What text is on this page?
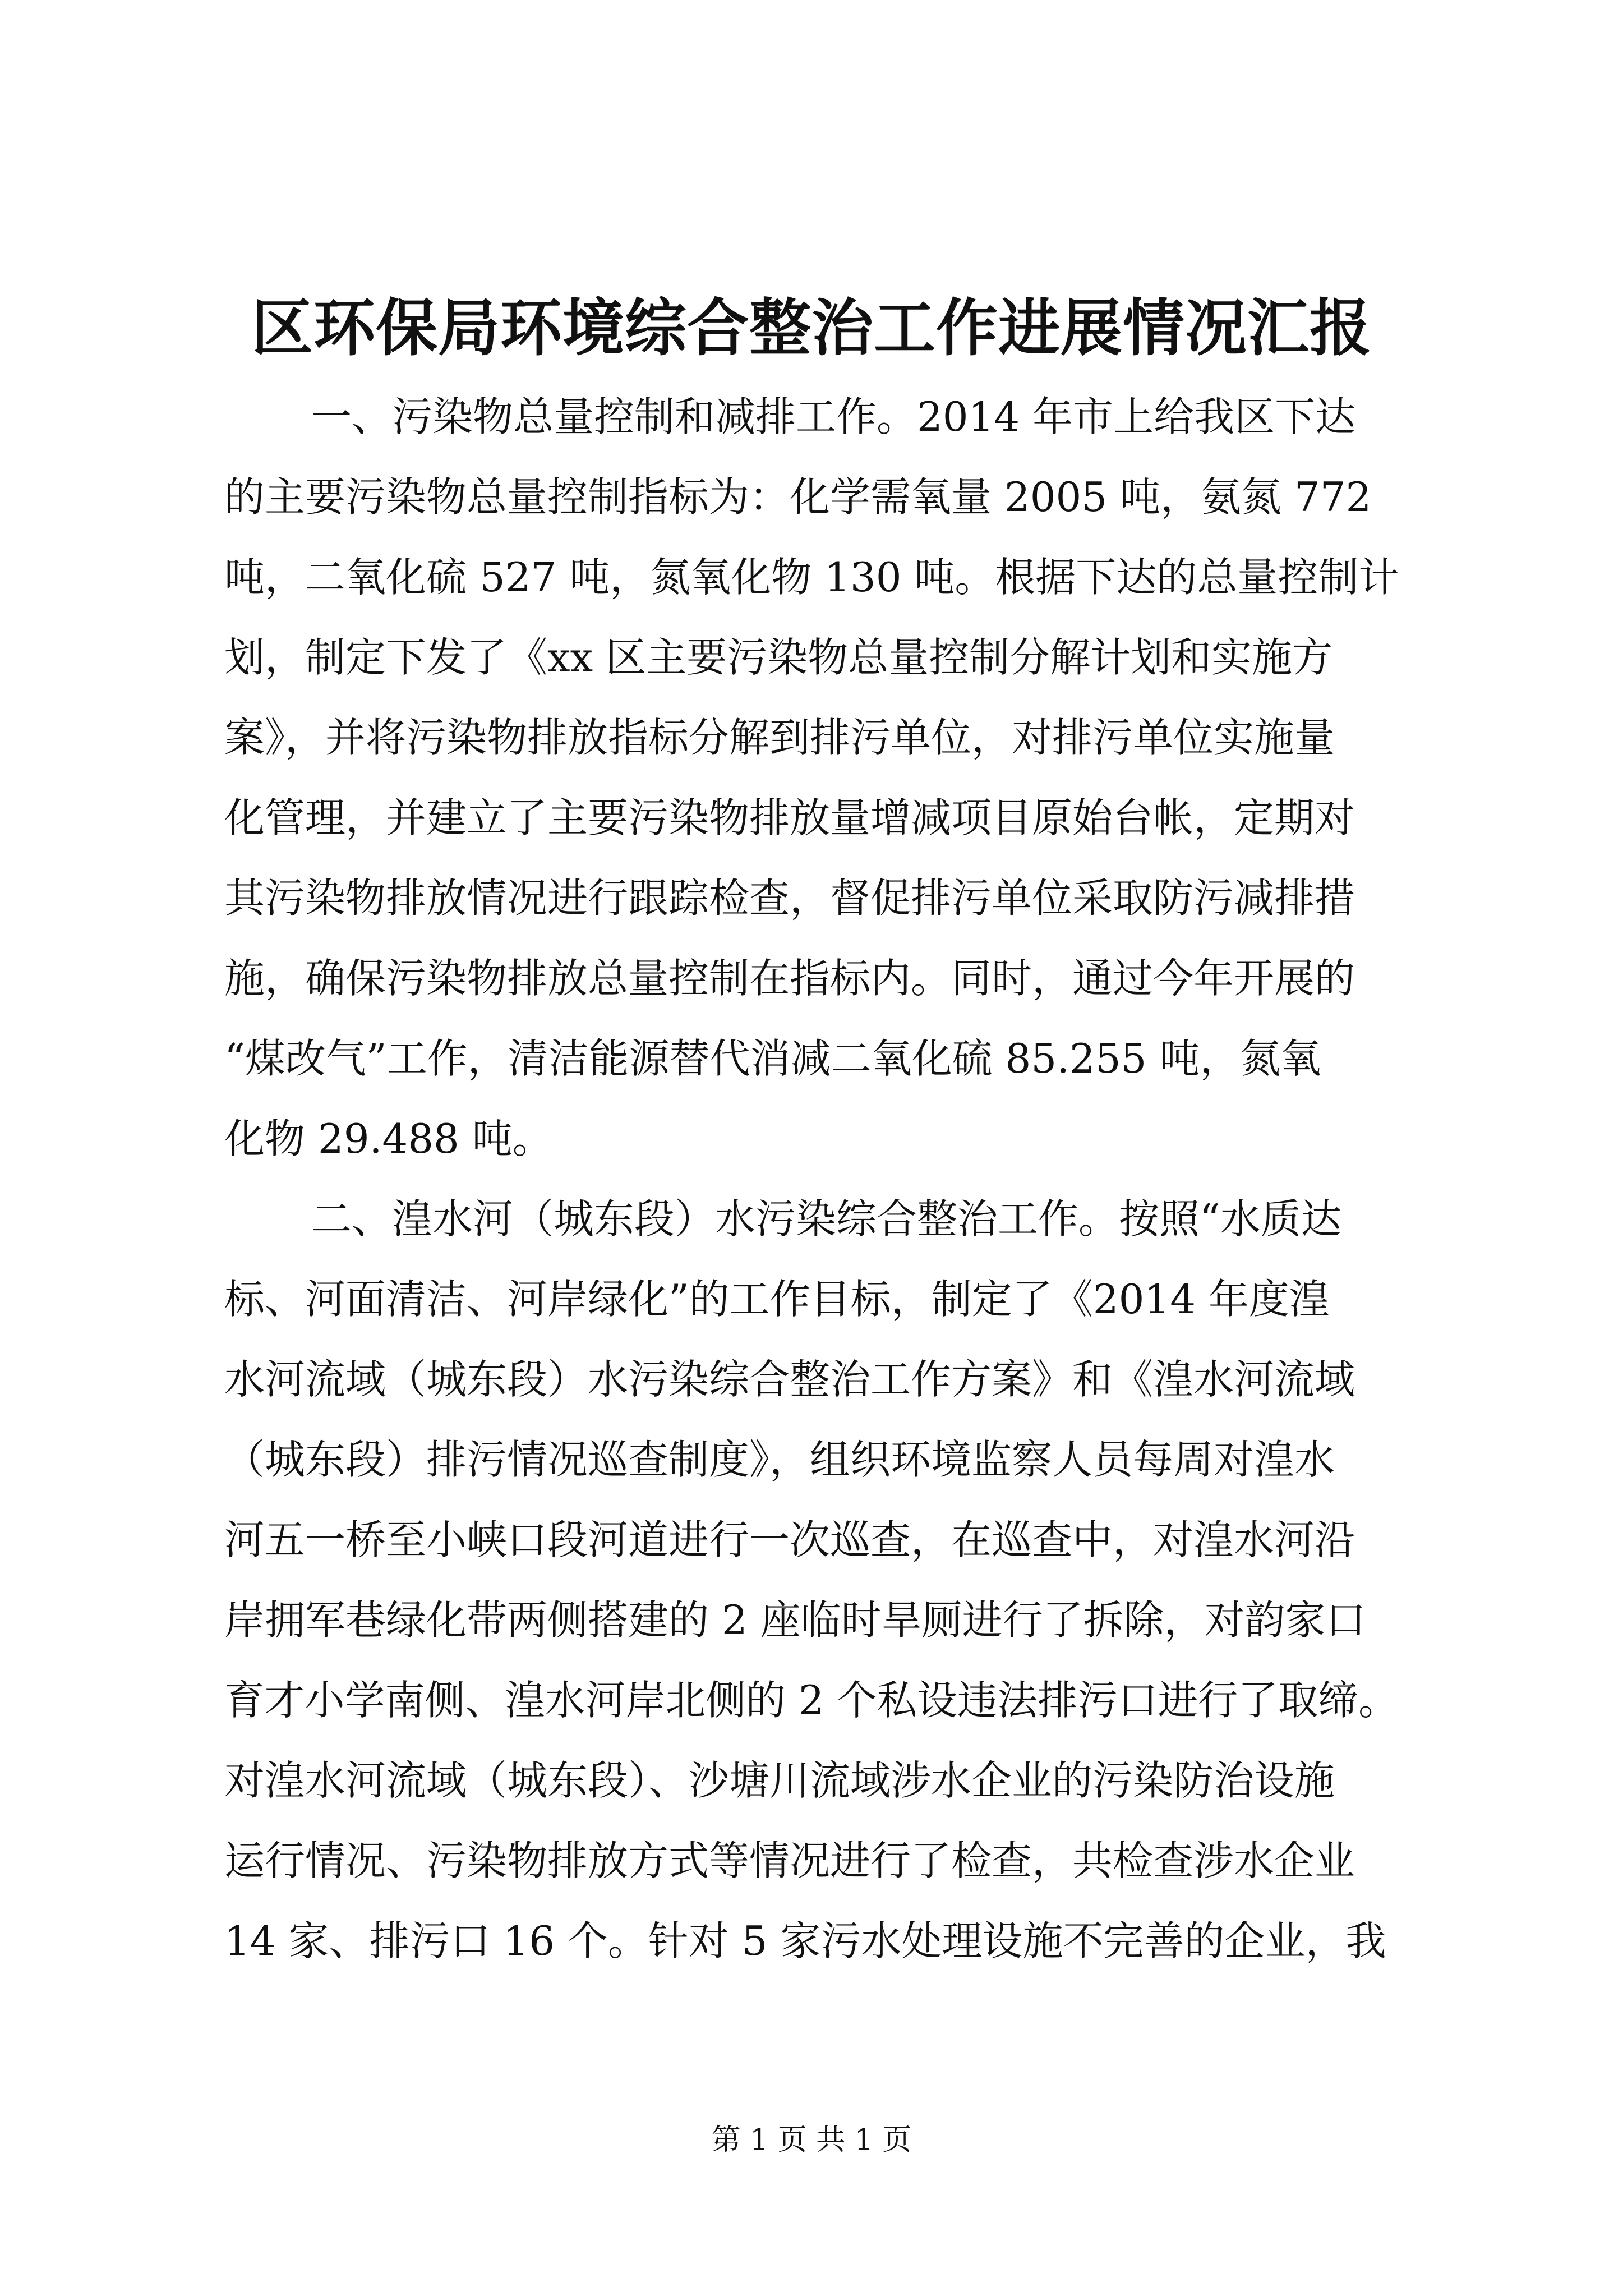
区环保局环境综合整治工作进展情况汇报
一、污染物总量控制和减排工作。2014 年市上给我区下达
的主要污染物总量控制指标为：化学需氧量 2005 吨，氨氮 772
吨，二氧化硫 527 吨，氮氧化物 130 吨。根据下达的总量控制计
划，制定下发了《xx 区主要污染物总量控制分解计划和实施方
案》，并将污染物排放指标分解到排污单位，对排污单位实施量
化管理，并建立了主要污染物排放量增减项目原始台帐，定期对
其污染物排放情况进行跟踪检查，督促排污单位采取防污减排措
施，确保污染物排放总量控制在指标内。同时，通过今年开展的
“煤改气”工作，清洁能源替代消减二氧化硫 85.255 吨，氮氧
化物 29.488 吨。
二、湟水河（城东段）水污染综合整治工作。按照“水质达
标、河面清洁、河岸绿化”的工作目标，制定了《2014 年度湟
水河流域（城东段）水污染综合整治工作方案》和《湟水河流域
（城东段）排污情况巡查制度》，组织环境监察人员每周对湟水
河五一桥至小峡口段河道进行一次巡查，在巡查中，对湟水河沿
岸拥军巷绿化带两侧搭建的 2 座临时旱厕进行了拆除，对韵家口
育才小学南侧、湟水河岸北侧的 2 个私设违法排污口进行了取缔。
对湟水河流域（城东段）、沙塘川流域涉水企业的污染防治设施
运行情况、污染物排放方式等情况进行了检查，共检查涉水企业
14 家、排污口 16 个。针对 5 家污水处理设施不完善的企业，我
第 1 页 共 1 页
